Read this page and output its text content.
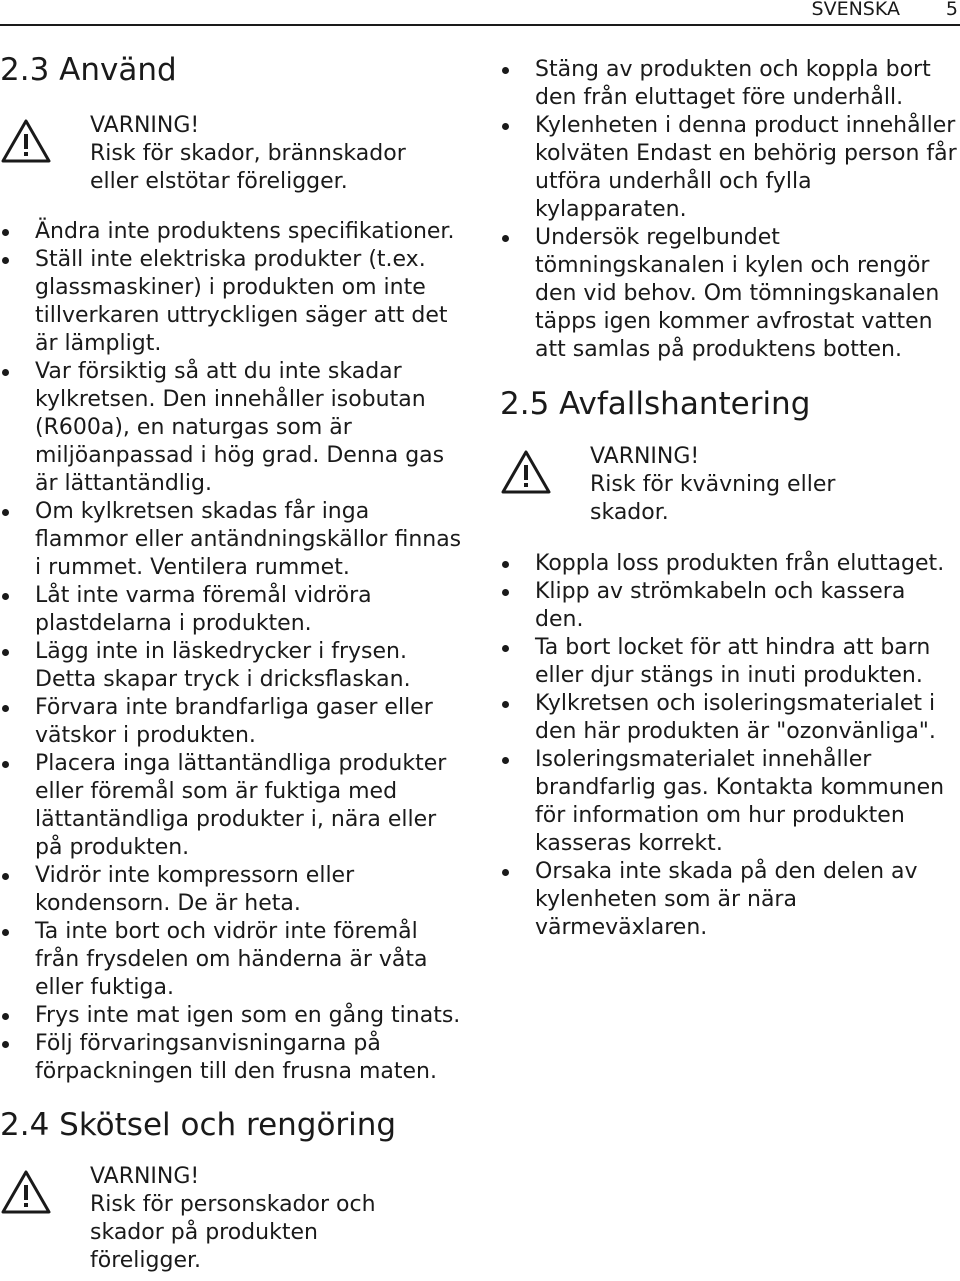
SVENSKA 5
2.3 Använd
VARNING!
Risk för skador, brännskador
eller elstötar föreligger.
Ändra inte produktens specifikationer.
Ställ inte elektriska produkter (t.ex. glassmaskiner) i produkten om inte tillverkaren uttryckligen säger att det är lämpligt.
Var försiktig så att du inte skadar kylkretsen. Den innehåller isobutan (R600a), en naturgas som är miljöanpassad i hög grad. Denna gas är lättantändlig.
Om kylkretsen skadas får inga flammor eller antändningskällor finnas i rummet. Ventilera rummet.
Låt inte varma föremål vidröra plastdelarna i produkten.
Lägg inte in läskedrycker i frysen. Detta skapar tryck i dricksflaskan.
Förvara inte brandfarliga gaser eller vätskor i produkten.
Placera inga lättantändliga produkter eller föremål som är fuktiga med lättantändliga produkter i, nära eller på produkten.
Vidrör inte kompressorn eller kondensorn. De är heta.
Ta inte bort och vidrör inte föremål från frysdelen om händerna är våta eller fuktiga.
Frys inte mat igen som en gång tinats.
Följ förvaringsanvisningarna på förpackningen till den frusna maten.
2.4 Skötsel och rengöring
VARNING!
Risk för personskador och
skador på produkten
föreligger.
Stäng av produkten och koppla bort den från eluttaget före underhåll.
Kylenheten i denna product innehåller kolväten Endast en behörig person får utföra underhåll och fylla kylapparaten.
Undersök regelbundet tömningskanalen i kylen och rengör den vid behov. Om tömningskanalen täpps igen kommer avfrostat vatten att samlas på produktens botten.
2.5 Avfallshantering
VARNING!
Risk för kvävning eller
skador.
Koppla loss produkten från eluttaget.
Klipp av strömkabeln och kassera den.
Ta bort locket för att hindra att barn eller djur stängs in inuti produkten.
Kylkretsen och isoleringsmaterialet i den här produkten är "ozonvänliga".
Isoleringsmaterialet innehåller brandfarlig gas. Kontakta kommunen för information om hur produkten kasseras korrekt.
Orsaka inte skada på den delen av kylenheten som är nära värmeväxlaren.
